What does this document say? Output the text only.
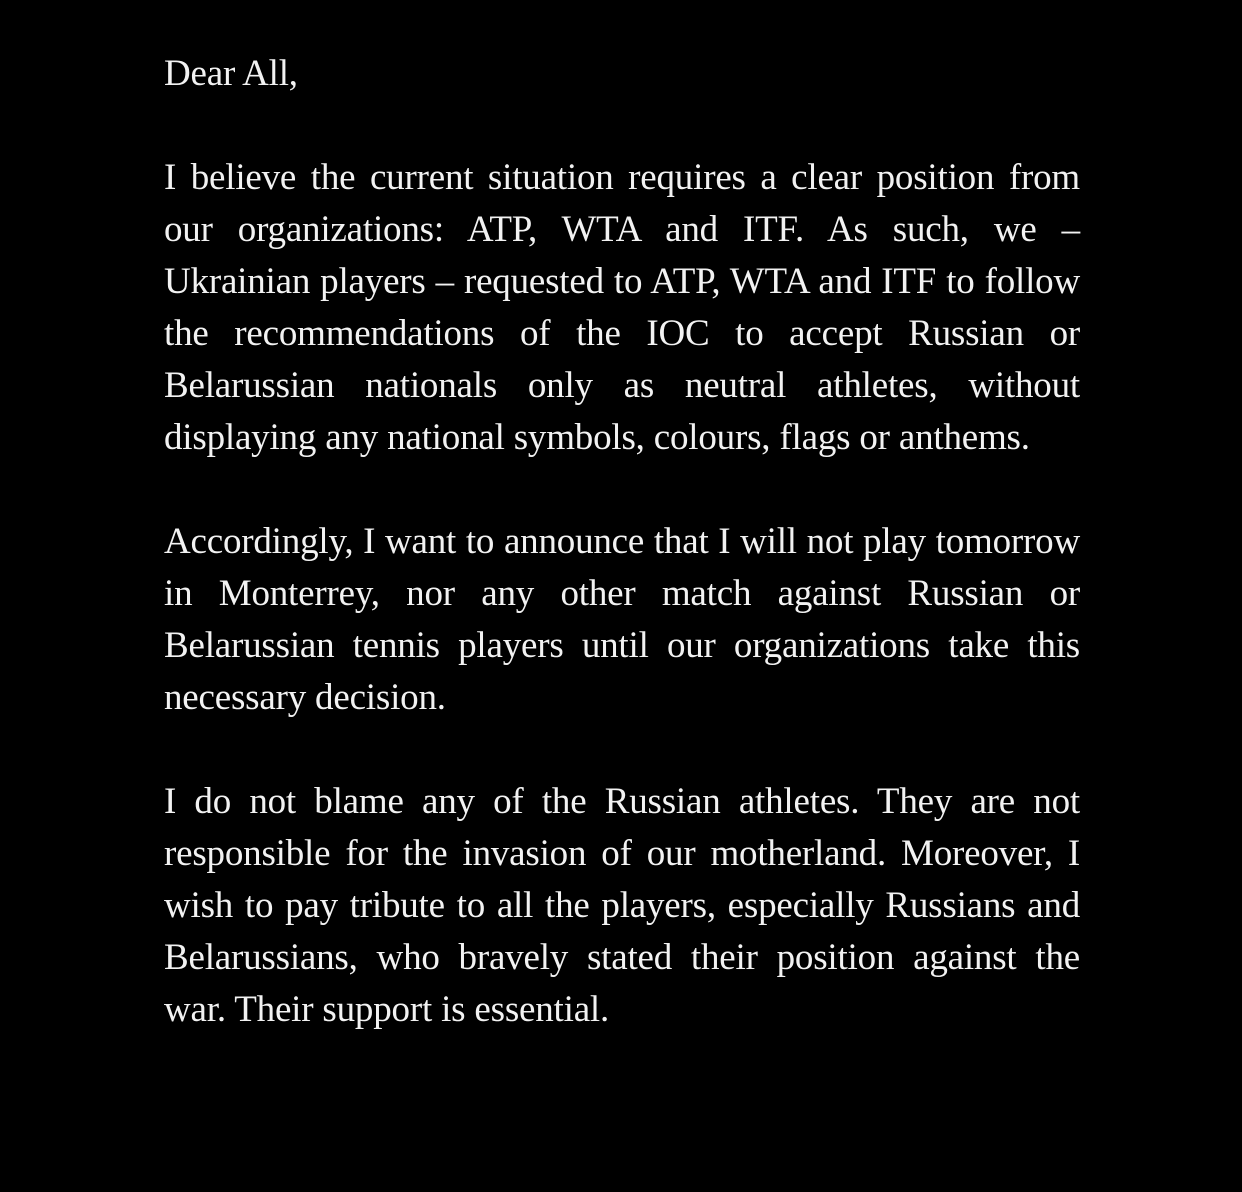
Dear All,

I believe the current situation requires a clear position from our organizations: ATP, WTA and ITF. As such, we – Ukrainian players – requested to ATP, WTA and ITF to follow the recommendations of the IOC to accept Russian or Belarussian nationals only as neutral athletes, without displaying any national symbols, colours, flags or anthems.

Accordingly, I want to announce that I will not play tomorrow in Monterrey, nor any other match against Russian or Belarussian tennis players until our organizations take this necessary decision.

I do not blame any of the Russian athletes. They are not responsible for the invasion of our motherland. Moreover, I wish to pay tribute to all the players, especially Russians and Belarussians, who bravely stated their position against the war. Their support is essential.
